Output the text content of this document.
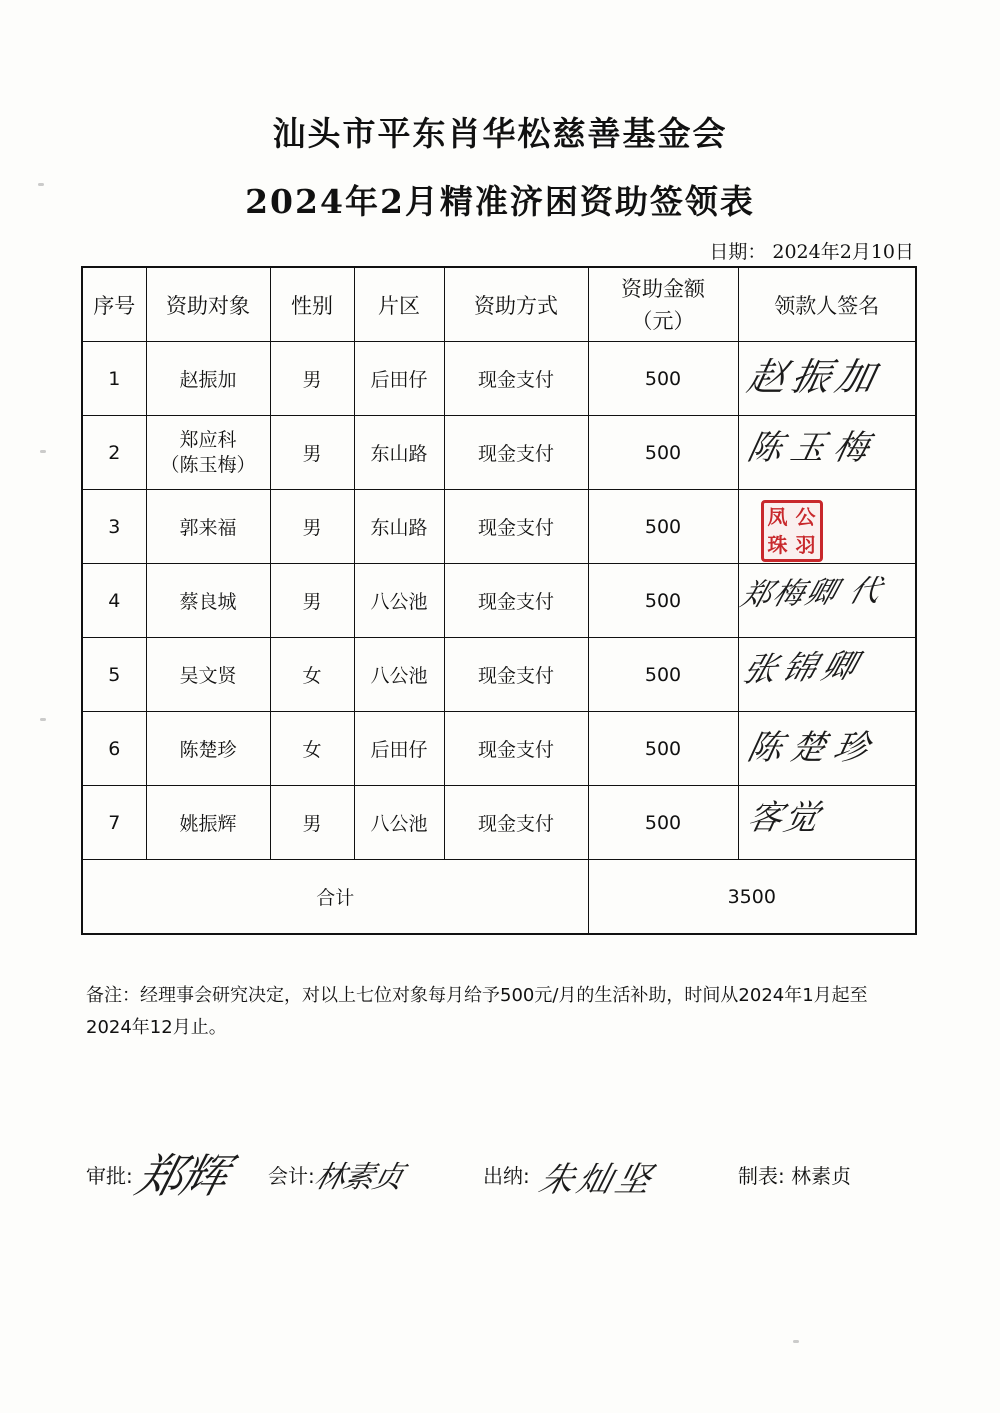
汕头市平东肖华松慈善基金会
2024年2月精准济困资助签领表
日期： 2024年2月10日
序号	资助对象	性别	片区	资助方式	资助金额
（元）	领款人签名
1	赵振加	男	后田仔	现金支付	500	赵振加

2	郑应科
（陈玉梅）	男	东山路	现金支付	500	陈玉梅

3	郭来福	男	东山路	现金支付	500	凤 公
珠 羽

4	蔡良城	男	八公池	现金支付	500	郑梅卿 代

5	吴文贤	女	八公池	现金支付	500	张锦卿

6	陈楚珍	女	后田仔	现金支付	500	陈楚珍

7	姚振辉	男	八公池	现金支付	500	客觉

合计					3500	
备注：经理事会研究决定，对以上七位对象每月给予500元/月的生活补助，时间从2024年1月起至2024年12月止。
审批:
郑辉 会计:
林素贞	出纳: 朱灿坚	制表: 林素贞
